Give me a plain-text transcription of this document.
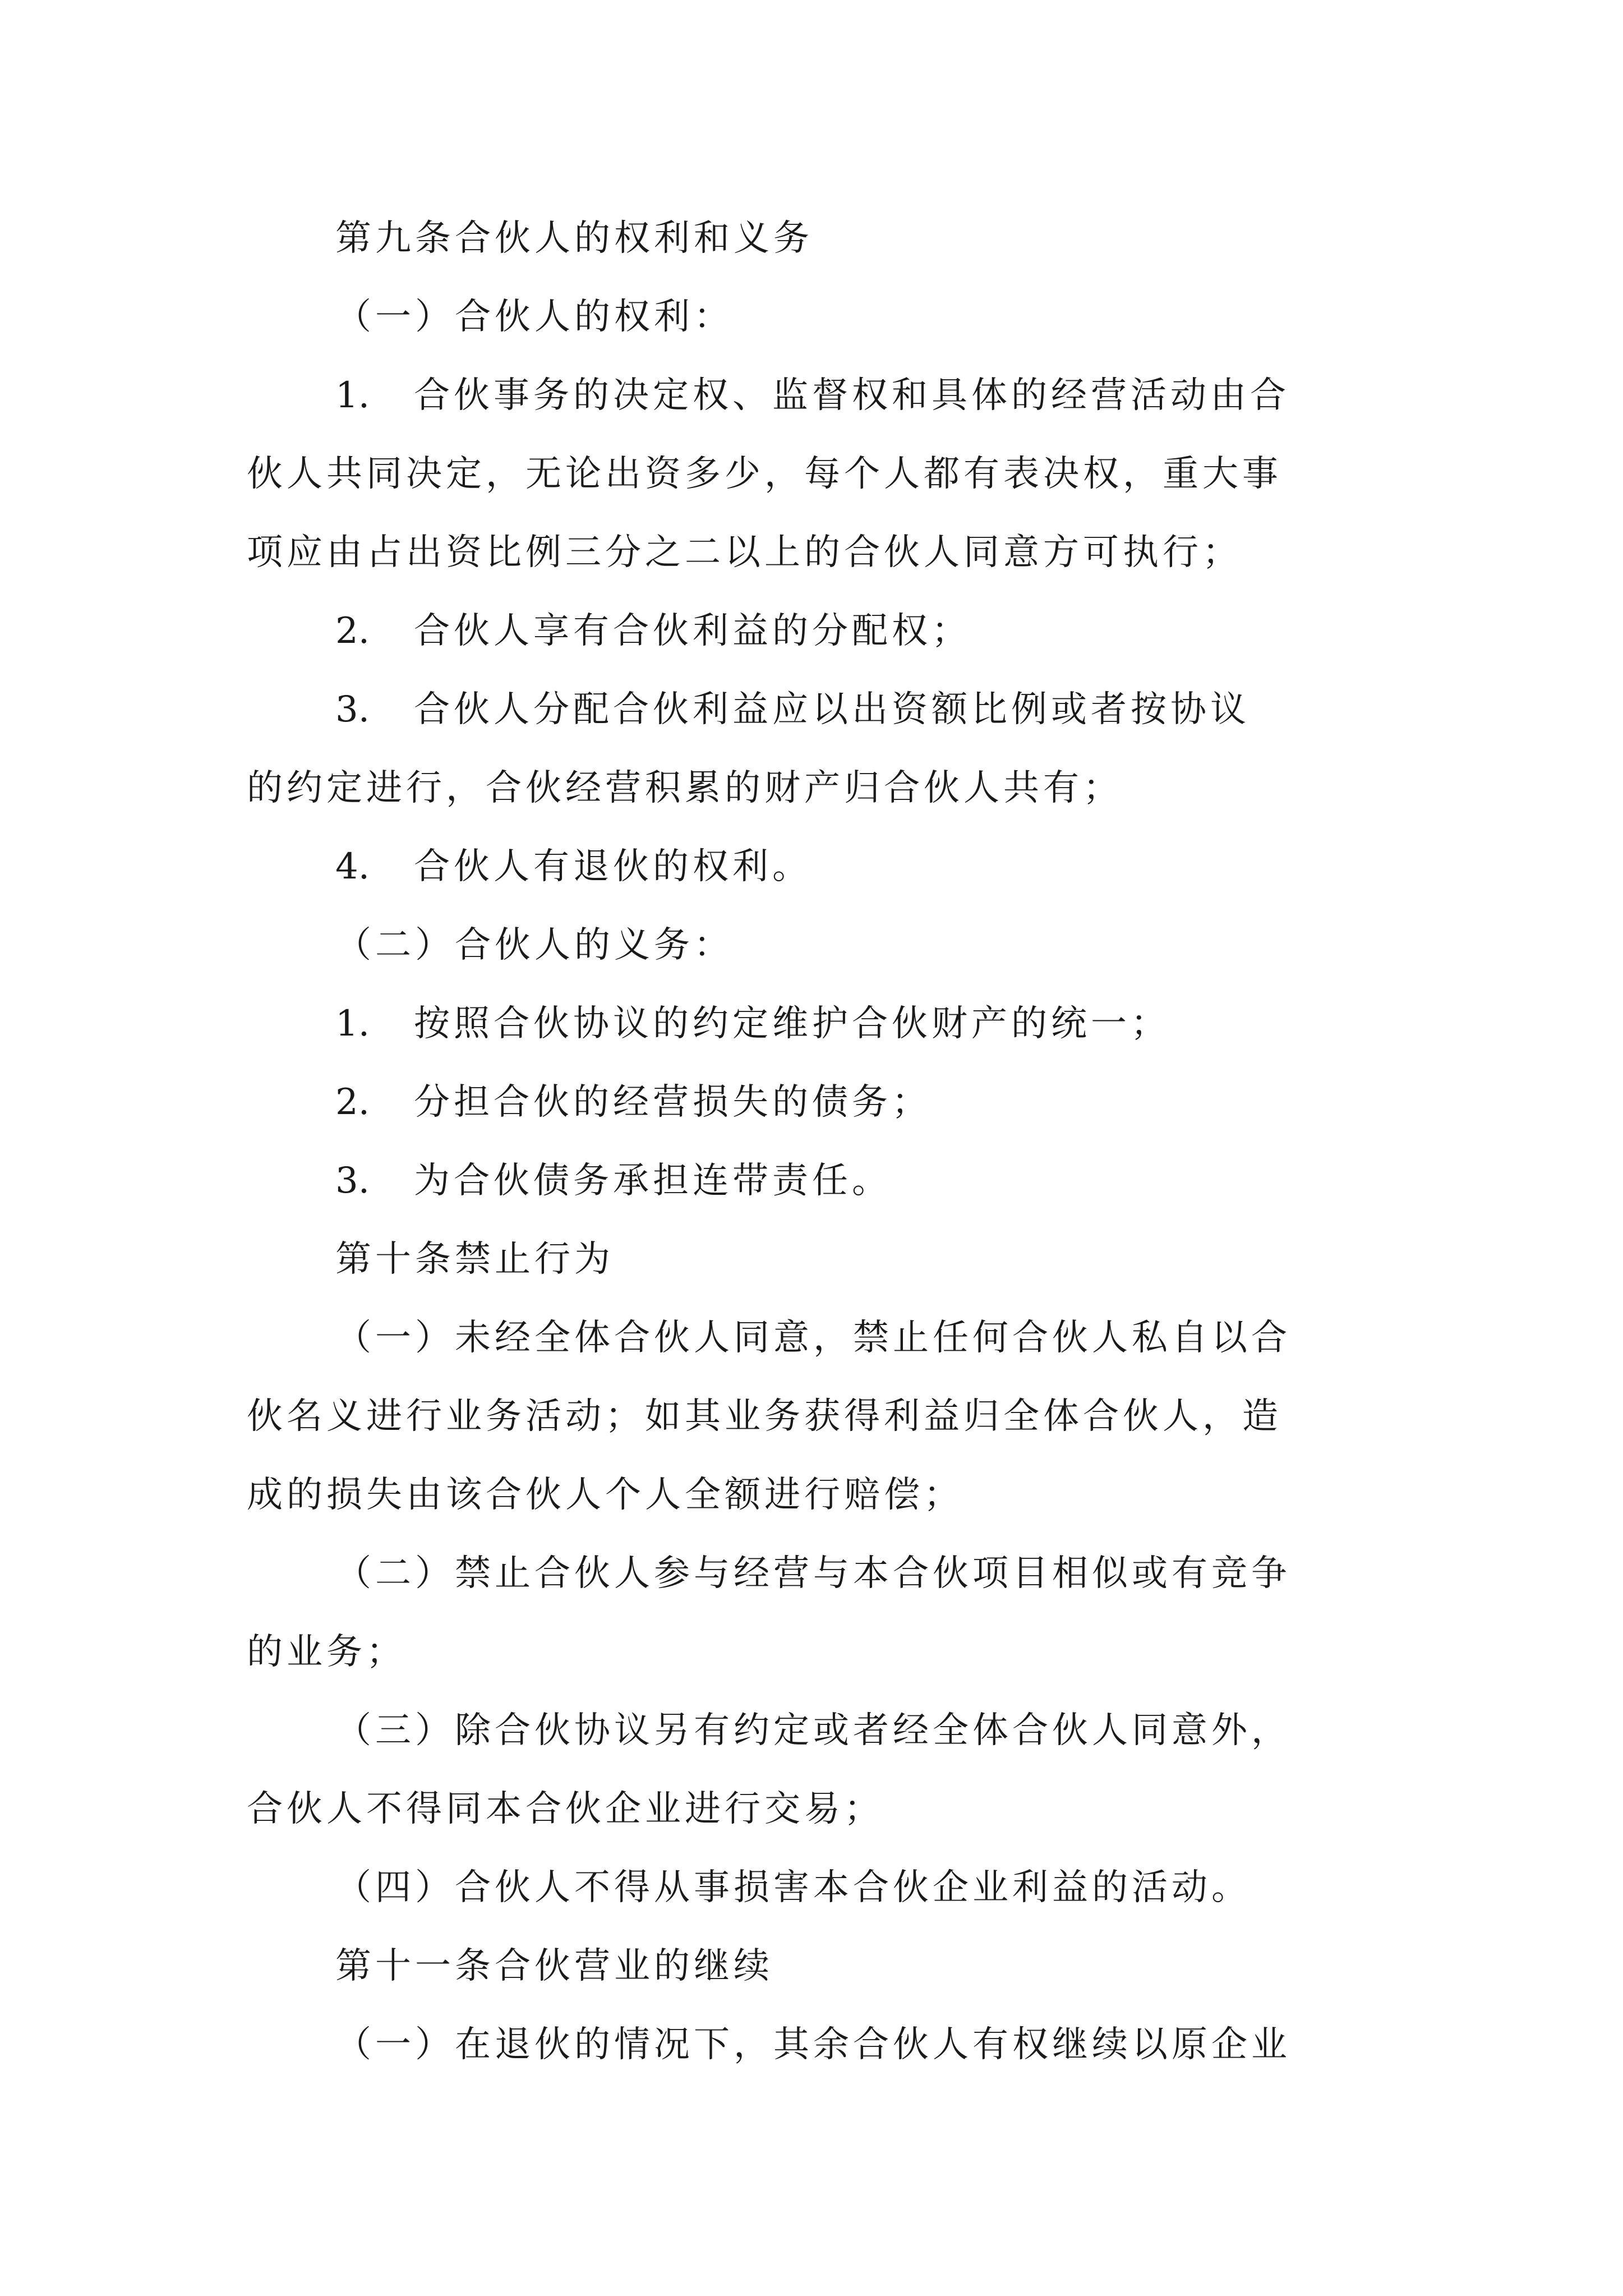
第九条合伙人的权利和义务

（一）合伙人的权利：

1. 合伙事务的决定权、监督权和具体的经营活动由合

伙人共同决定，无论出资多少，每个人都有表决权，重大事

项应由占出资比例三分之二以上的合伙人同意方可执行；

2. 合伙人享有合伙利益的分配权；

3. 合伙人分配合伙利益应以出资额比例或者按协议

的约定进行，合伙经营积累的财产归合伙人共有；

4. 合伙人有退伙的权利。

（二）合伙人的义务：

1. 按照合伙协议的约定维护合伙财产的统一；

2. 分担合伙的经营损失的债务；

3. 为合伙债务承担连带责任。

第十条禁止行为

（一）未经全体合伙人同意，禁止任何合伙人私自以合

伙名义进行业务活动；如其业务获得利益归全体合伙人，造

成的损失由该合伙人个人全额进行赔偿；

（二）禁止合伙人参与经营与本合伙项目相似或有竞争

的业务；

（三）除合伙协议另有约定或者经全体合伙人同意外，

合伙人不得同本合伙企业进行交易；

（四）合伙人不得从事损害本合伙企业利益的活动。

第十一条合伙营业的继续

（一）在退伙的情况下，其余合伙人有权继续以原企业
